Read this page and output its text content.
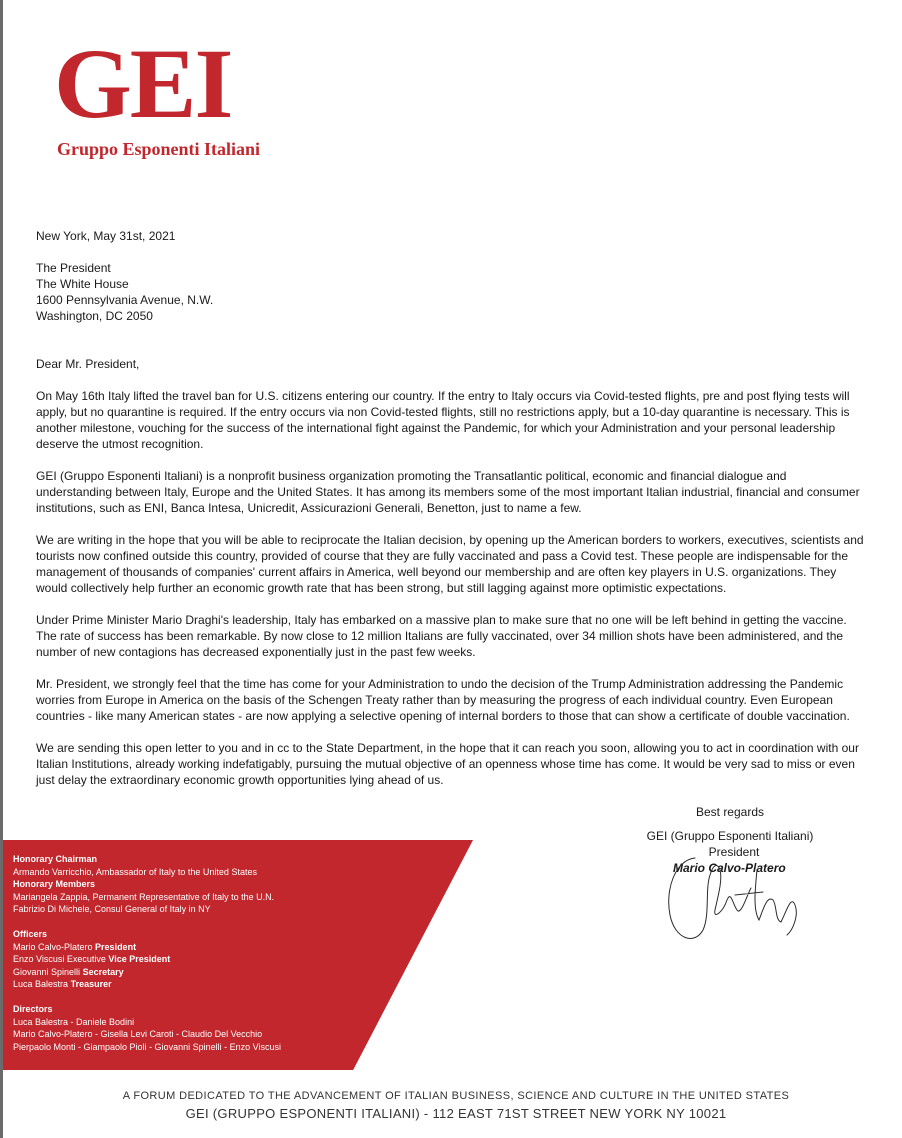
GEI
Gruppo Esponenti Italiani

New York, May 31st, 2021

The President

The White House

1600 Pennsylvania Avenue, N.W.

Washington, DC 2050

Dear Mr. President,

On May 16th Italy lifted the travel ban for U.S. citizens entering our country. If the entry to Italy occurs via Covid-tested flights, pre and post flying tests will apply, but no quarantine is required. If the entry occurs via non Covid-tested flights, still no restrictions apply, but a 10-day quarantine is necessary. This is another milestone, vouching for the success of the international fight against the Pandemic, for which your Administration and your personal leadership deserve the utmost recognition.

GEI (Gruppo Esponenti Italiani) is a nonprofit business organization promoting the Transatlantic political, economic and financial dialogue and understanding between Italy, Europe and the United States. It has among its members some of the most important Italian industrial, financial and consumer institutions, such as ENI, Banca Intesa, Unicredit, Assicurazioni Generali, Benetton, just to name a few.

We are writing in the hope that you will be able to reciprocate the Italian decision, by opening up the American borders to workers, executives, scientists and tourists now confined outside this country, provided of course that they are fully vaccinated and pass a Covid test. These people are indispensable for the management of thousands of companies' current affairs in America, well beyond our membership and are often key players in U.S. organizations. They would collectively help further an economic growth rate that has been strong, but still lagging against more optimistic expectations.

Under Prime Minister Mario Draghi's leadership, Italy has embarked on a massive plan to make sure that no one will be left behind in getting the vaccine. The rate of success has been remarkable. By now close to 12 million Italians are fully vaccinated, over 34 million shots have been administered, and the number of new contagions has decreased exponentially just in the past few weeks.

Mr. President, we strongly feel that the time has come for your Administration to undo the decision of the Trump Administration addressing the Pandemic worries from Europe in America on the basis of the Schengen Treaty rather than by measuring the progress of each individual country. Even European countries - like many American states - are now applying a selective opening of internal borders to those that can show a certificate of double vaccination.

We are sending this open letter to you and in cc to the State Department, in the hope that it can reach you soon, allowing you to act in coordination with our Italian Institutions, already working indefatigably, pursuing the mutual objective of an openness whose time has come. It would be very sad to miss or even just delay the extraordinary economic growth opportunities lying ahead of us.

Best regards

GEI (Gruppo Esponenti Italiani)

President

Mario Calvo-Platero

Honorary Chairman
Armando Varricchio, Ambassador of Italy to the United States
Honorary Members
Mariangela Zappia, Permanent Representative of Italy to the U.N.
Fabrizio Di Michele, Consul General of Italy in NY
Officers
Mario Calvo-Platero President
Enzo Viscusi Executive Vice President
Giovanni Spinelli Secretary
Luca Balestra Treasurer
Directors
Luca Balestra - Daniele Bodini
Mario Calvo-Platero - Gisella Levi Caroti - Claudio Del Vecchio
Pierpaolo Monti - Giampaolo Pioli - Giovanni Spinelli - Enzo Viscusi
A FORUM DEDICATED TO THE ADVANCEMENT OF ITALIAN BUSINESS, SCIENCE AND CULTURE IN THE UNITED STATES
GEI (GRUPPO ESPONENTI ITALIANI) - 112 EAST 71ST STREET NEW YORK NY 10021
